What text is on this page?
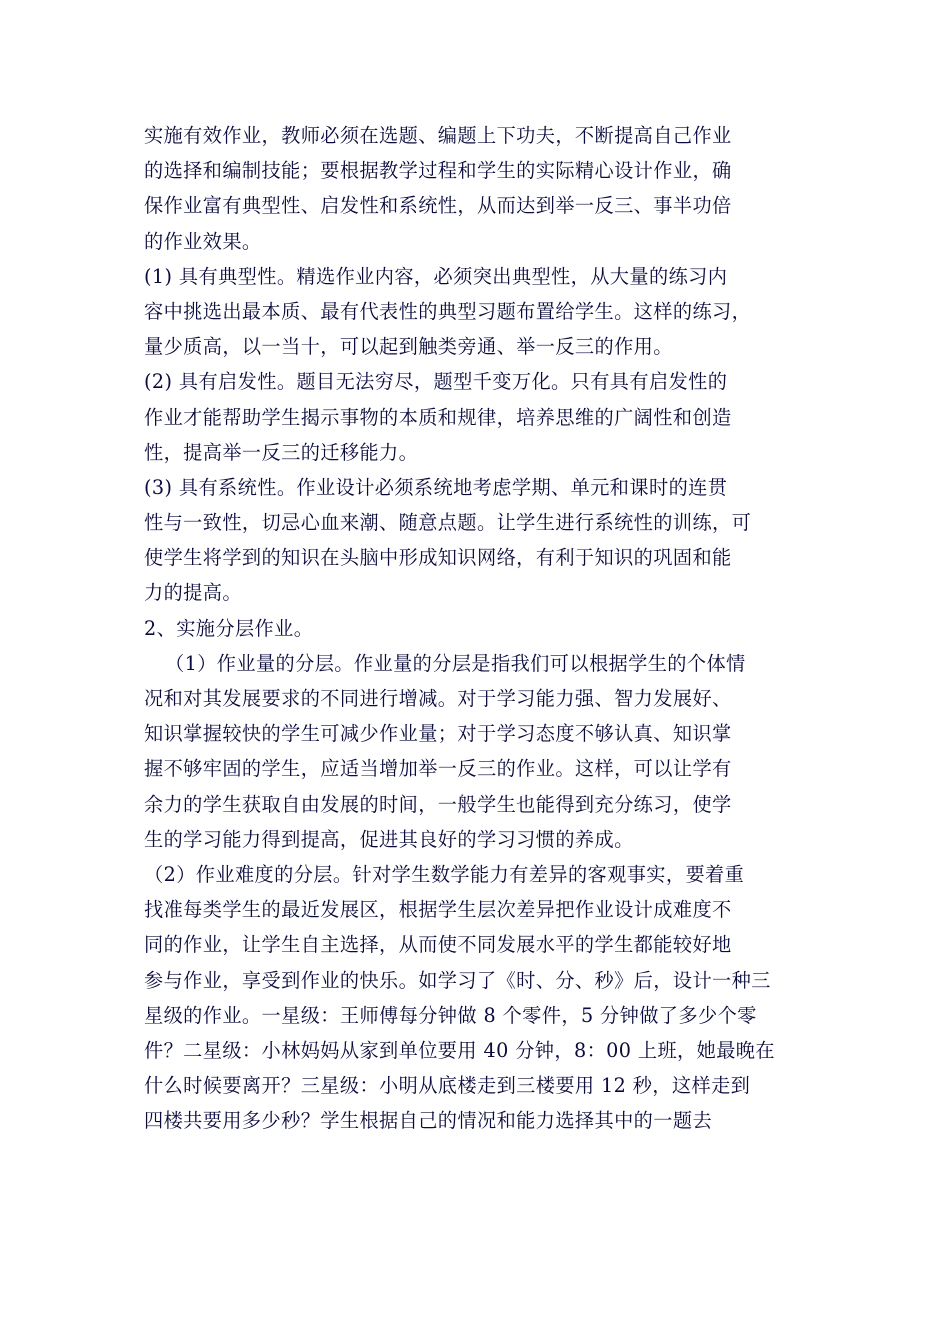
实施有效作业，教师必须在选题、编题上下功夫，不断提高自己作业
的选择和编制技能；要根据教学过程和学生的实际精心设计作业，确
保作业富有典型性、启发性和系统性，从而达到举一反三、事半功倍
的作业效果。
(1) 具有典型性。精选作业内容，必须突出典型性，从大量的练习内
容中挑选出最本质、最有代表性的典型习题布置给学生。这样的练习，
量少质高，以一当十，可以起到触类旁通、举一反三的作用。
(2) 具有启发性。题目无法穷尽，题型千变万化。只有具有启发性的
作业才能帮助学生揭示事物的本质和规律，培养思维的广阔性和创造
性，提高举一反三的迁移能力。
(3) 具有系统性。作业设计必须系统地考虑学期、单元和课时的连贯
性与一致性，切忌心血来潮、随意点题。让学生进行系统性的训练，可
使学生将学到的知识在头脑中形成知识网络，有利于知识的巩固和能
力的提高。
2、实施分层作业。
（1）作业量的分层。作业量的分层是指我们可以根据学生的个体情
况和对其发展要求的不同进行增减。对于学习能力强、智力发展好、
知识掌握较快的学生可减少作业量；对于学习态度不够认真、知识掌
握不够牢固的学生，应适当增加举一反三的作业。这样，可以让学有
余力的学生获取自由发展的时间，一般学生也能得到充分练习，使学
生的学习能力得到提高，促进其良好的学习习惯的养成。
（2）作业难度的分层。针对学生数学能力有差异的客观事实，要着重
找准每类学生的最近发展区，根据学生层次差异把作业设计成难度不
同的作业，让学生自主选择，从而使不同发展水平的学生都能较好地
参与作业，享受到作业的快乐。如学习了《时、分、秒》后，设计一种三
星级的作业。一星级：王师傅每分钟做 8 个零件，5 分钟做了多少个零
件？二星级：小林妈妈从家到单位要用 40 分钟，8：00 上班，她最晚在
什么时候要离开？三星级：小明从底楼走到三楼要用 12 秒，这样走到
四楼共要用多少秒？学生根据自己的情况和能力选择其中的一题去
